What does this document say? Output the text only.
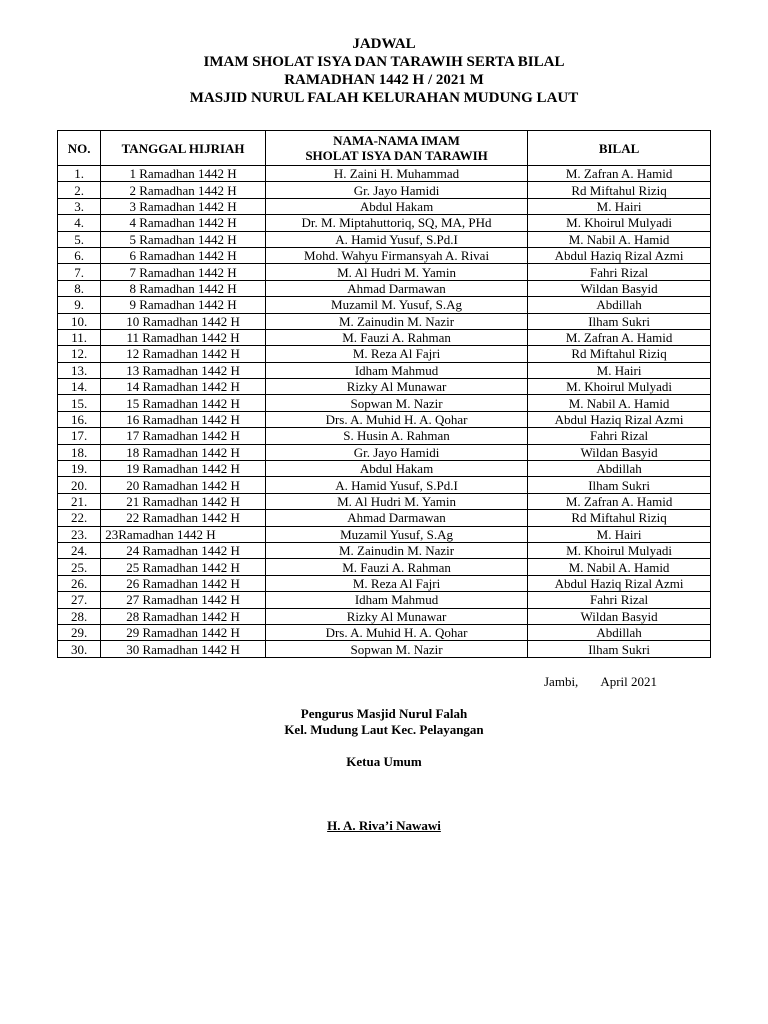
JADWAL
IMAM SHOLAT ISYA DAN TARAWIH SERTA BILAL
RAMADHAN 1442 H / 2021 M
MASJID NURUL FALAH KELURAHAN MUDUNG LAUT
NO.	TANGGAL HIJRIAH	NAMA-NAMA IMAM
SHOLAT ISYA DAN TARAWIH	BILAL
1.	1 Ramadhan 1442 H	H. Zaini H. Muhammad	M. Zafran A. Hamid
2.	2 Ramadhan 1442 H	Gr. Jayo Hamidi	Rd Miftahul Riziq
3.	3 Ramadhan 1442 H	Abdul Hakam	M. Hairi
4.	4 Ramadhan 1442 H	Dr. M. Miptahuttoriq, SQ, MA, PHd	M. Khoirul Mulyadi
5.	5 Ramadhan 1442 H	A. Hamid Yusuf, S.Pd.I	M. Nabil A. Hamid
6.	6 Ramadhan 1442 H	Mohd. Wahyu Firmansyah A. Rivai	Abdul Haziq Rizal Azmi
7.	7 Ramadhan 1442 H	M. Al Hudri M. Yamin	Fahri Rizal
8.	8 Ramadhan 1442 H	Ahmad Darmawan	Wildan Basyid
9.	9 Ramadhan 1442 H	Muzamil M. Yusuf, S.Ag	Abdillah
10.	10 Ramadhan 1442 H	M. Zainudin M. Nazir	Ilham Sukri
11.	11 Ramadhan 1442 H	M. Fauzi A. Rahman	M. Zafran A. Hamid
12.	12 Ramadhan 1442 H	M. Reza Al Fajri	Rd Miftahul Riziq
13.	13 Ramadhan 1442 H	Idham Mahmud	M. Hairi
14.	14 Ramadhan 1442 H	Rizky Al Munawar	M. Khoirul Mulyadi
15.	15 Ramadhan 1442 H	Sopwan M. Nazir	M. Nabil A. Hamid
16.	16 Ramadhan 1442 H	Drs. A. Muhid H. A. Qohar	Abdul Haziq Rizal Azmi
17.	17 Ramadhan 1442 H	S. Husin A. Rahman	Fahri Rizal
18.	18 Ramadhan 1442 H	Gr. Jayo Hamidi	Wildan Basyid
19.	19 Ramadhan 1442 H	Abdul Hakam	Abdillah
20.	20 Ramadhan 1442 H	A. Hamid Yusuf, S.Pd.I	Ilham Sukri
21.	21 Ramadhan 1442 H	M. Al Hudri M. Yamin	M. Zafran A. Hamid
22.	22 Ramadhan 1442 H	Ahmad Darmawan	Rd Miftahul Riziq
23.	23Ramadhan 1442 H	Muzamil Yusuf, S.Ag	M. Hairi
24.	24 Ramadhan 1442 H	M. Zainudin M. Nazir	M. Khoirul Mulyadi
25.	25 Ramadhan 1442 H	M. Fauzi A. Rahman	M. Nabil A. Hamid
26.	26 Ramadhan 1442 H	M. Reza Al Fajri	Abdul Haziq Rizal Azmi
27.	27 Ramadhan 1442 H	Idham Mahmud	Fahri Rizal
28.	28 Ramadhan 1442 H	Rizky Al Munawar	Wildan Basyid
29.	29 Ramadhan 1442 H	Drs. A. Muhid H. A. Qohar	Abdillah
30.	30 Ramadhan 1442 H	Sopwan M. Nazir	Ilham Sukri
Jambi,       April 2021
Pengurus Masjid Nurul Falah
Kel. Mudung Laut Kec. Pelayangan
Ketua Umum
H. A. Riva’i Nawawi
